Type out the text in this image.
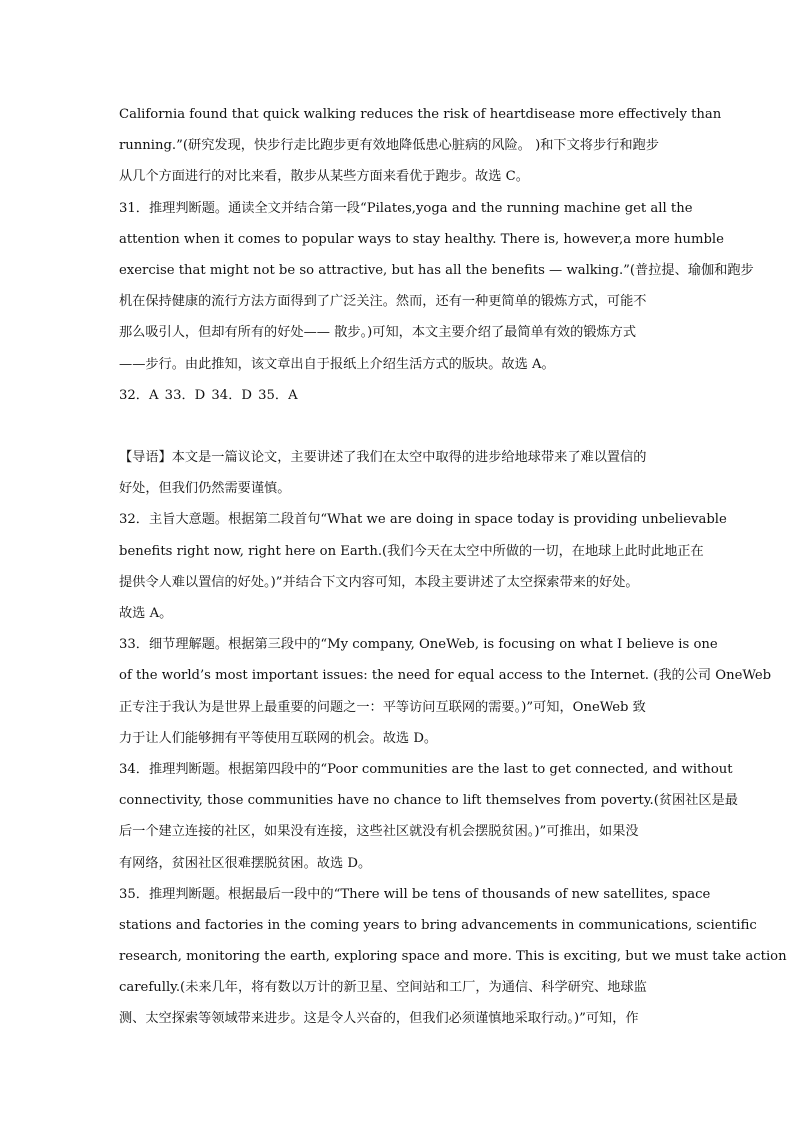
California found that quick walking reduces the risk of heartdisease more effectively than
running.”(研究发现，快步行走比跑步更有效地降低患心脏病的风险。 )和下文将步行和跑步
从几个方面进行的对比来看，散步从某些方面来看优于跑步。故选 C。
31．推理判断题。通读全文并结合第一段“Pilates,yoga and the running machine get all the
attention when it comes to popular ways to stay healthy. There is, however,a more humble
exercise that might not be so attractive, but has all the benefits — walking.”(普拉提、瑜伽和跑步
机在保持健康的流行方法方面得到了广泛关注。然而，还有一种更简单的锻炼方式，可能不
那么吸引人，但却有所有的好处—— 散步。)可知，本文主要介绍了最简单有效的锻炼方式
——步行。由此推知，该文章出自于报纸上介绍生活方式的版块。故选 A。
32．A 33．D 34．D 35．A
【导语】本文是一篇议论文，主要讲述了我们在太空中取得的进步给地球带来了难以置信的
好处，但我们仍然需要谨慎。
32．主旨大意题。根据第二段首句“What we are doing in space today is providing unbelievable
benefits right now, right here on Earth.(我们今天在太空中所做的一切，在地球上此时此地正在
提供令人难以置信的好处。)”并结合下文内容可知，本段主要讲述了太空探索带来的好处。
故选 A。
33．细节理解题。根据第三段中的“My company, OneWeb, is focusing on what I believe is one
of the world’s most important issues: the need for equal access to the Internet. (我的公司 OneWeb
正专注于我认为是世界上最重要的问题之一：平等访问互联网的需要。)”可知，OneWeb 致
力于让人们能够拥有平等使用互联网的机会。故选 D。
34．推理判断题。根据第四段中的“Poor communities are the last to get connected, and without
connectivity, those communities have no chance to lift themselves from poverty.(贫困社区是最
后一个建立连接的社区，如果没有连接，这些社区就没有机会摆脱贫困。)”可推出，如果没
有网络，贫困社区很难摆脱贫困。故选 D。
35．推理判断题。根据最后一段中的“There will be tens of thousands of new satellites, space
stations and factories in the coming years to bring advancements in communications, scientific
research, monitoring the earth, exploring space and more. This is exciting, but we must take action
carefully.(未来几年，将有数以万计的新卫星、空间站和工厂，为通信、科学研究、地球监
测、太空探索等领域带来进步。这是令人兴奋的，但我们必须谨慎地采取行动。)”可知，作
